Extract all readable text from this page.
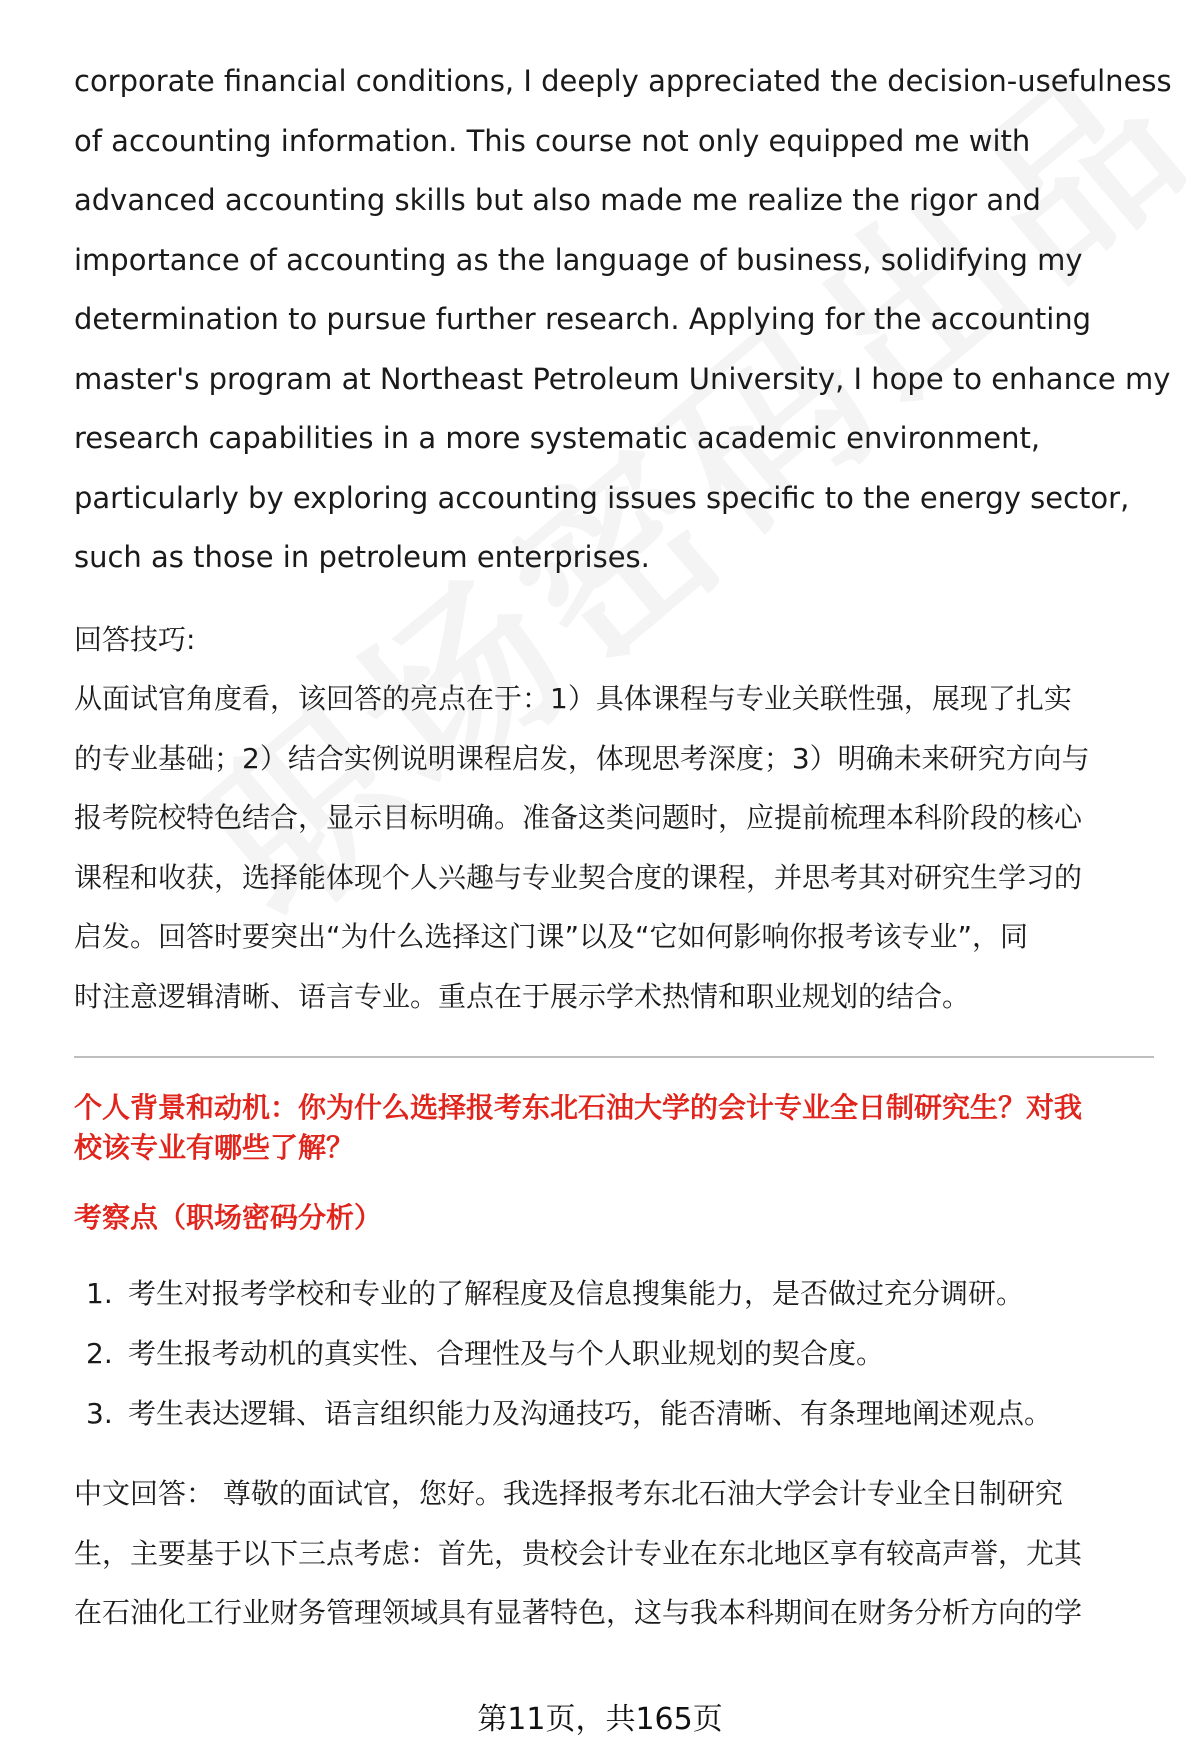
corporate financial conditions, I deeply appreciated the decision-usefulness
of accounting information. This course not only equipped me with
advanced accounting skills but also made me realize the rigor and
importance of accounting as the language of business, solidifying my
determination to pursue further research. Applying for the accounting
master's program at Northeast Petroleum University, I hope to enhance my
research capabilities in a more systematic academic environment,
particularly by exploring accounting issues specific to the energy sector,
such as those in petroleum enterprises.

回答技巧:

从面试官角度看，该回答的亮点在于：1）具体课程与专业关联性强，展现了扎实
的专业基础；2）结合实例说明课程启发，体现思考深度；3）明确未来研究方向与
报考院校特色结合，显示目标明确。准备这类问题时，应提前梳理本科阶段的核心
课程和收获，选择能体现个人兴趣与专业契合度的课程，并思考其对研究生学习的
启发。回答时要突出“为什么选择这门课”以及“它如何影响你报考该专业”，同
时注意逻辑清晰、语言专业。重点在于展示学术热情和职业规划的结合。

个人背景和动机：你为什么选择报考东北石油大学的会计专业全日制研究生？对我
校该专业有哪些了解？
考察点（职场密码分析）
1. 考生对报考学校和专业的了解程度及信息搜集能力，是否做过充分调研。
2. 考生报考动机的真实性、合理性及与个人职业规划的契合度。
3. 考生表达逻辑、语言组织能力及沟通技巧，能否清晰、有条理地阐述观点。

中文回答： 尊敬的面试官，您好。我选择报考东北石油大学会计专业全日制研究
生，主要基于以下三点考虑：首先，贵校会计专业在东北地区享有较高声誉，尤其
在石油化工行业财务管理领域具有显著特色，这与我本科期间在财务分析方向的学

第11页，共165页
